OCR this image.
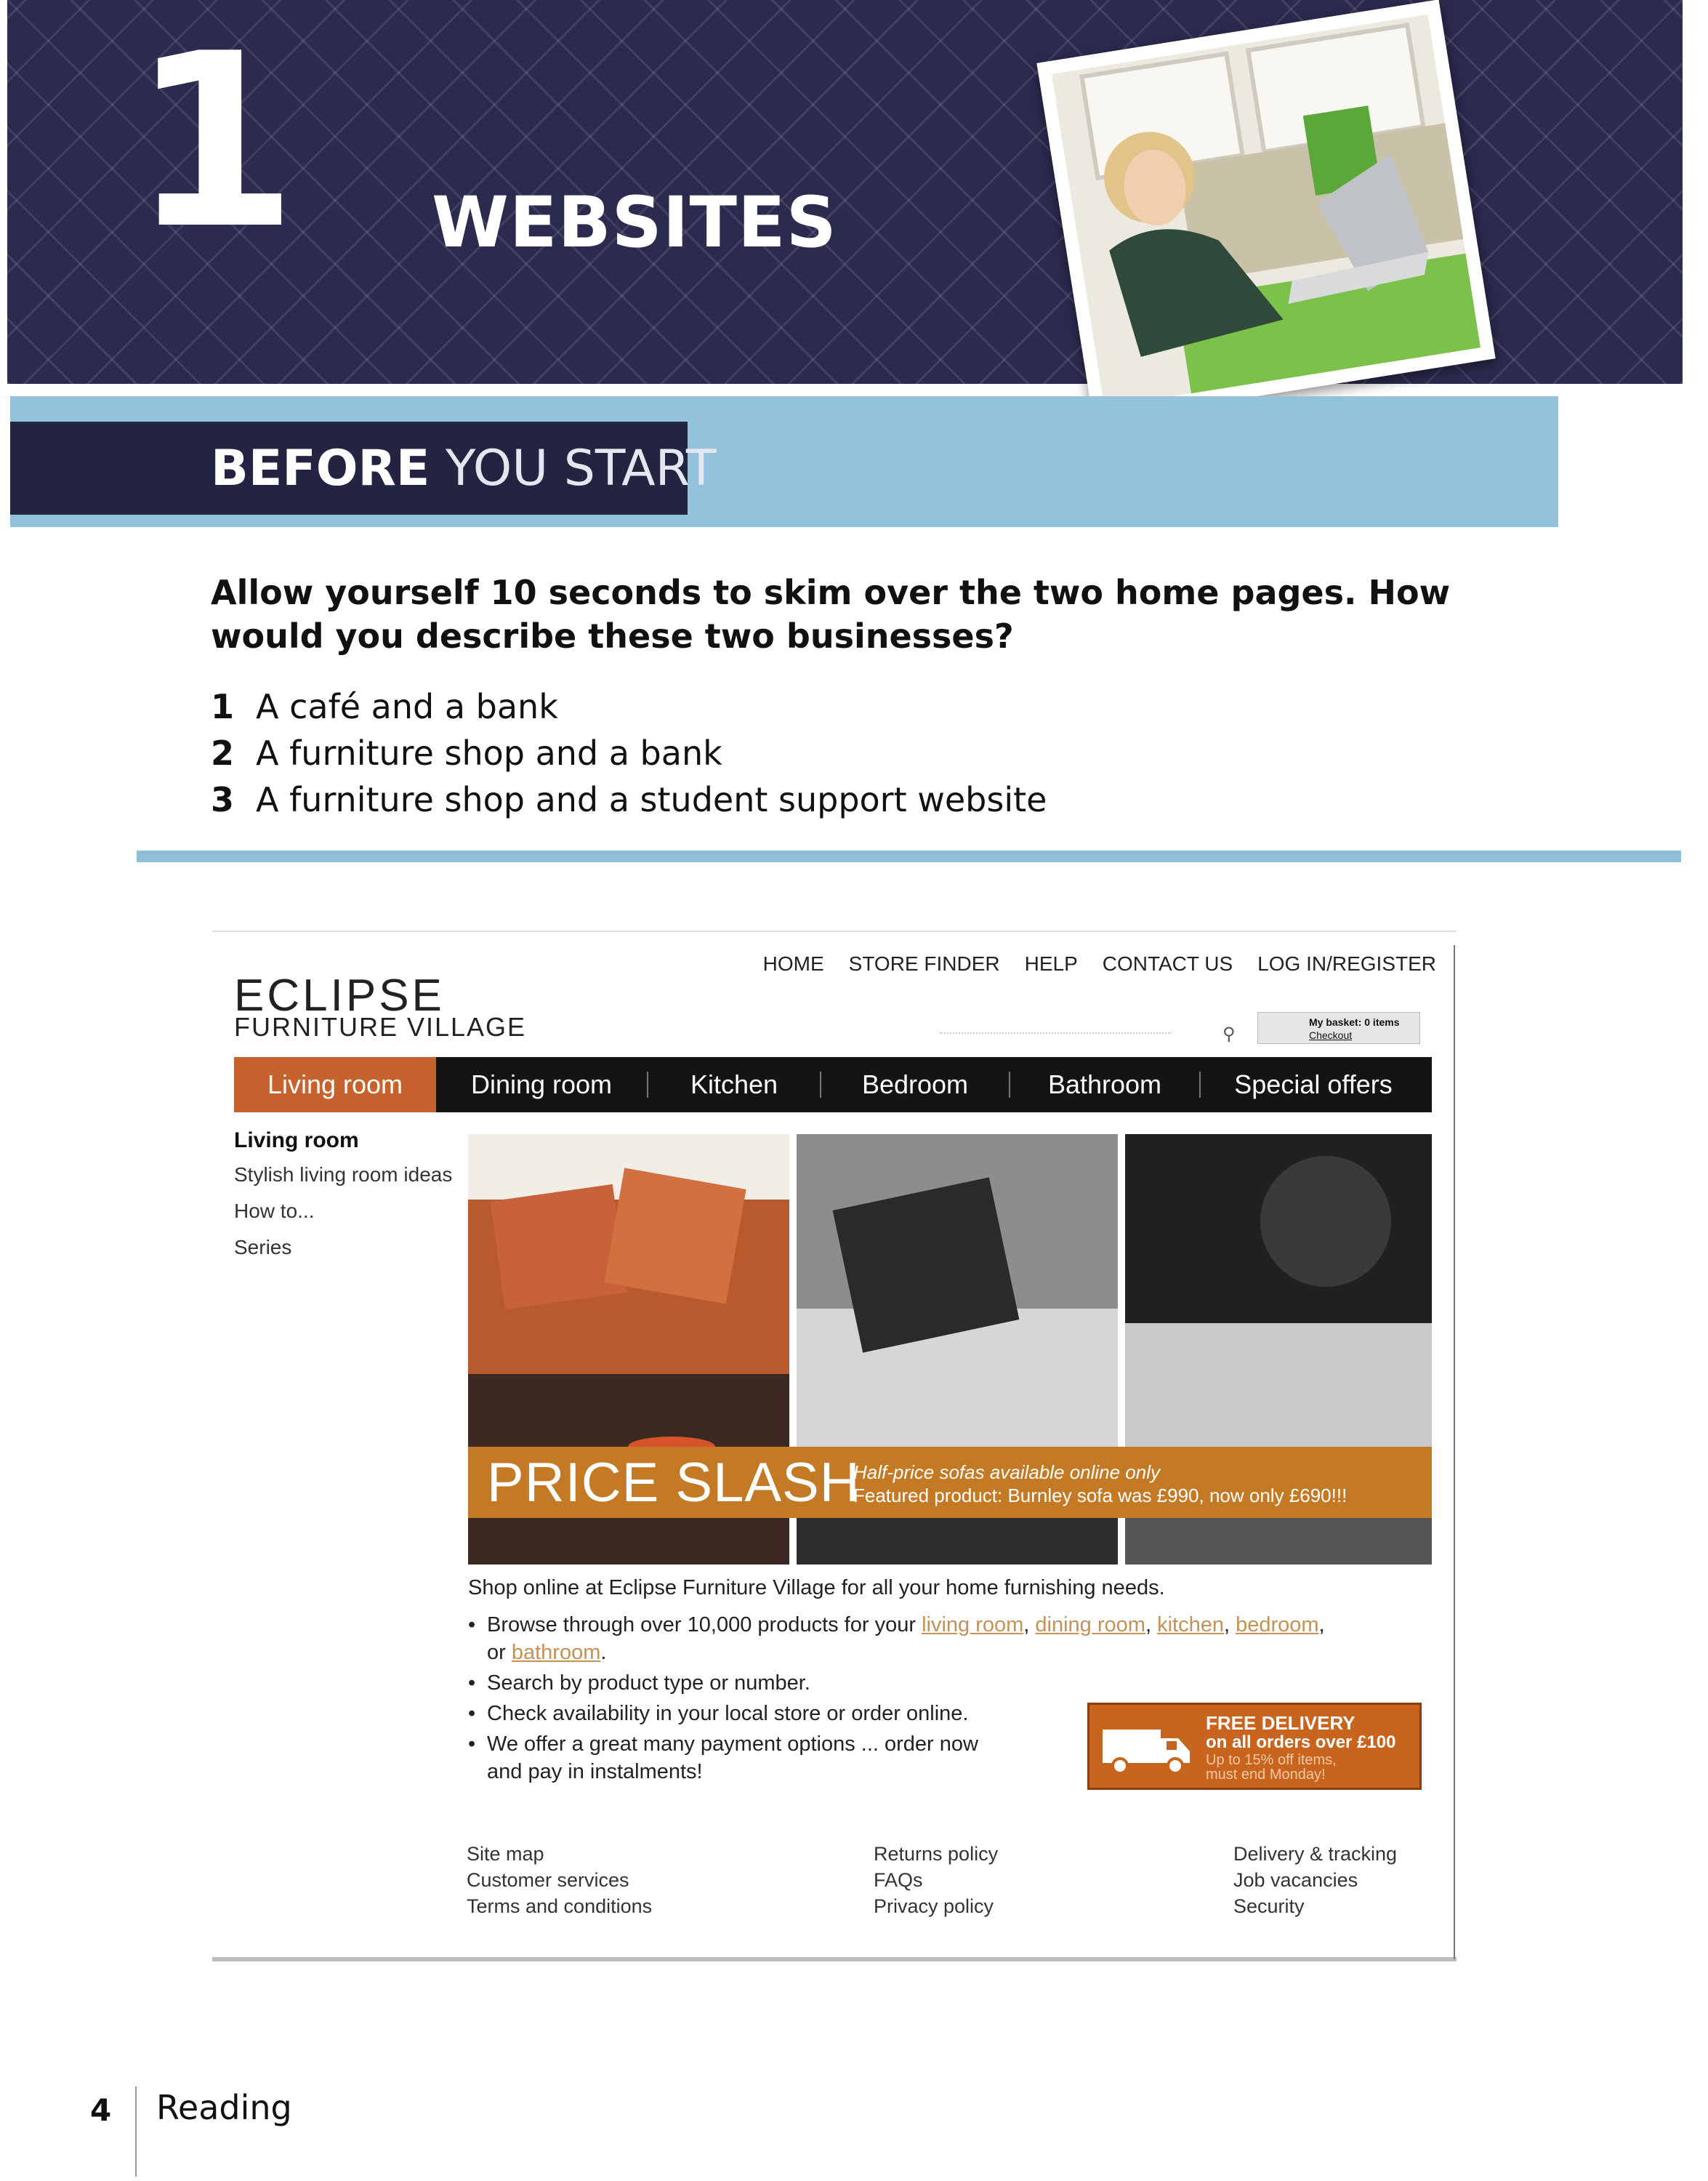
1 WEBSITES
BEFORE YOU START
Allow yourself 10 seconds to skim over the two home pages. How would you describe these two businesses?
1 A café and a bank
2 A furniture shop and a bank
3 A furniture shop and a student support website
HOME STORE FINDER HELP CONTACT US LOG IN/REGISTER
ECLIPSE
FURNITURE VILLAGE	⚲
My basket: 0 items
Checkout
Living room	Dining room	Kitchen	Bedroom	Bathroom	Special offers
Living room
Stylish living room ideas
How to...
Series
PRICE SLASH
Half-price sofas available online only
Featured product: Burnley sofa was £990, now only £690!!!
Shop online at Eclipse Furniture Village for all your home furnishing needs.
• Browse through over 10,000 products for your living room, dining room, kitchen, bedroom,
or bathroom.
• Search by product type or number.
• Check availability in your local store or order online.
• We offer a great many payment options ... order now
and pay in instalments!
FREE DELIVERY
on all orders over £100
Up to 15% off items,
must end Monday!
Site map
Customer services
Terms and conditions
Returns policy
FAQs
Privacy policy
Delivery & tracking
Job vacancies
Security
4 Reading
